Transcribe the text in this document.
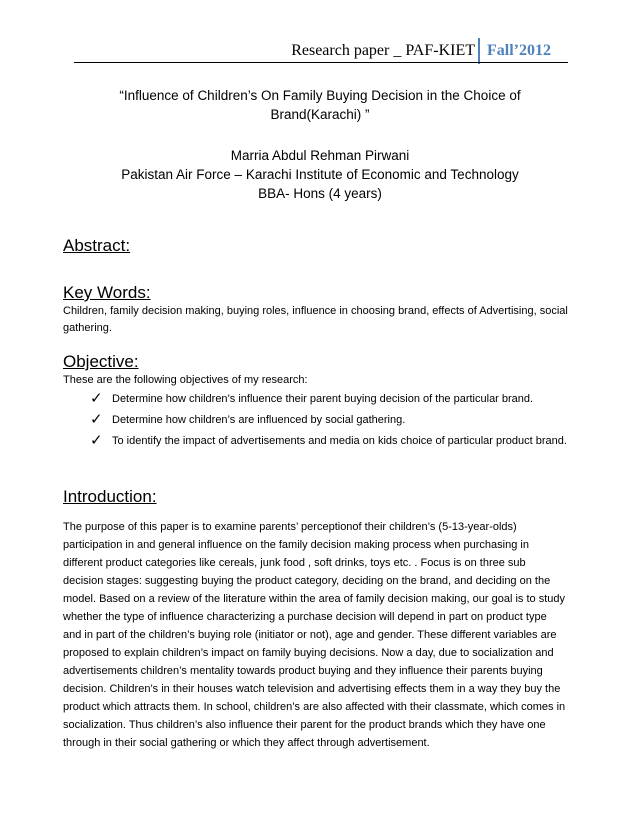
Research paper _ PAF-KIET Fall’2012
“Influence of Children’s On Family Buying Decision in the Choice of
Brand(Karachi) ”
Marria Abdul Rehman Pirwani
Pakistan Air Force – Karachi Institute of Economic and Technology
BBA- Hons (4 years)
Abstract:
Key Words:
Children, family decision making, buying roles, influence in choosing brand, effects of Advertising, social gathering.
Objective:
These are the following objectives of my research:
✓ Determine how children’s influence their parent buying decision of the particular brand.
✓ Determine how children’s are influenced by social gathering.
✓ To identify the impact of advertisements and media on kids choice of particular product brand.
Introduction:
The purpose of this paper is to examine parents’ perceptionof their children’s (5-13-year-olds) participation in and general influence on the family decision making process when purchasing in different product categories like cereals, junk food , soft drinks, toys etc. . Focus is on three sub decision stages: suggesting buying the product category, deciding on the brand, and deciding on the model. Based on a review of the literature within the area of family decision making, our goal is to study whether the type of influence characterizing a purchase decision will depend in part on product type and in part of the children’s buying role (initiator or not), age and gender. These different variables are proposed to explain children’s impact on family buying decisions. Now a day, due to socialization and advertisements children’s mentality towards product buying and they influence their parents buying decision. Children’s in their houses watch television and advertising effects them in a way they buy the product which attracts them. In school, children’s are also affected with their classmate, which comes in socialization. Thus children’s also influence their parent for the product brands which they have one through in their social gathering or which they affect through advertisement.
